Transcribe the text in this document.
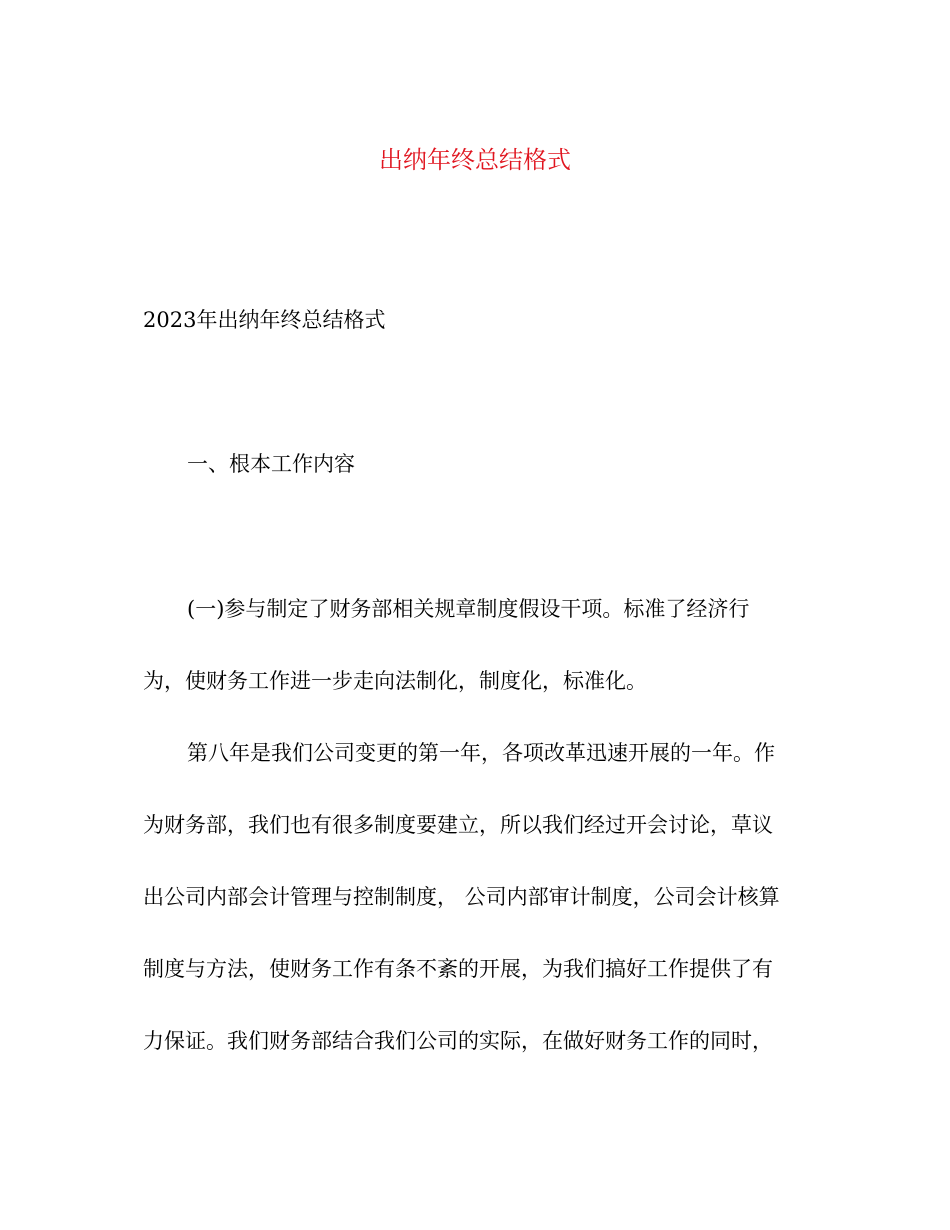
出纳年终总结格式

2023年出纳年终总结格式

一、根本工作内容

(一)参与制定了财务部相关规章制度假设干项。标准了经济行

为，使财务工作进一步走向法制化，制度化，标准化。

第八年是我们公司变更的第一年，各项改革迅速开展的一年。作

为财务部，我们也有很多制度要建立，所以我们经过开会讨论，草议

出公司内部会计管理与控制制度， 公司内部审计制度，公司会计核算

制度与方法，使财务工作有条不紊的开展，为我们搞好工作提供了有

力保证。我们财务部结合我们公司的实际，在做好财务工作的同时，
